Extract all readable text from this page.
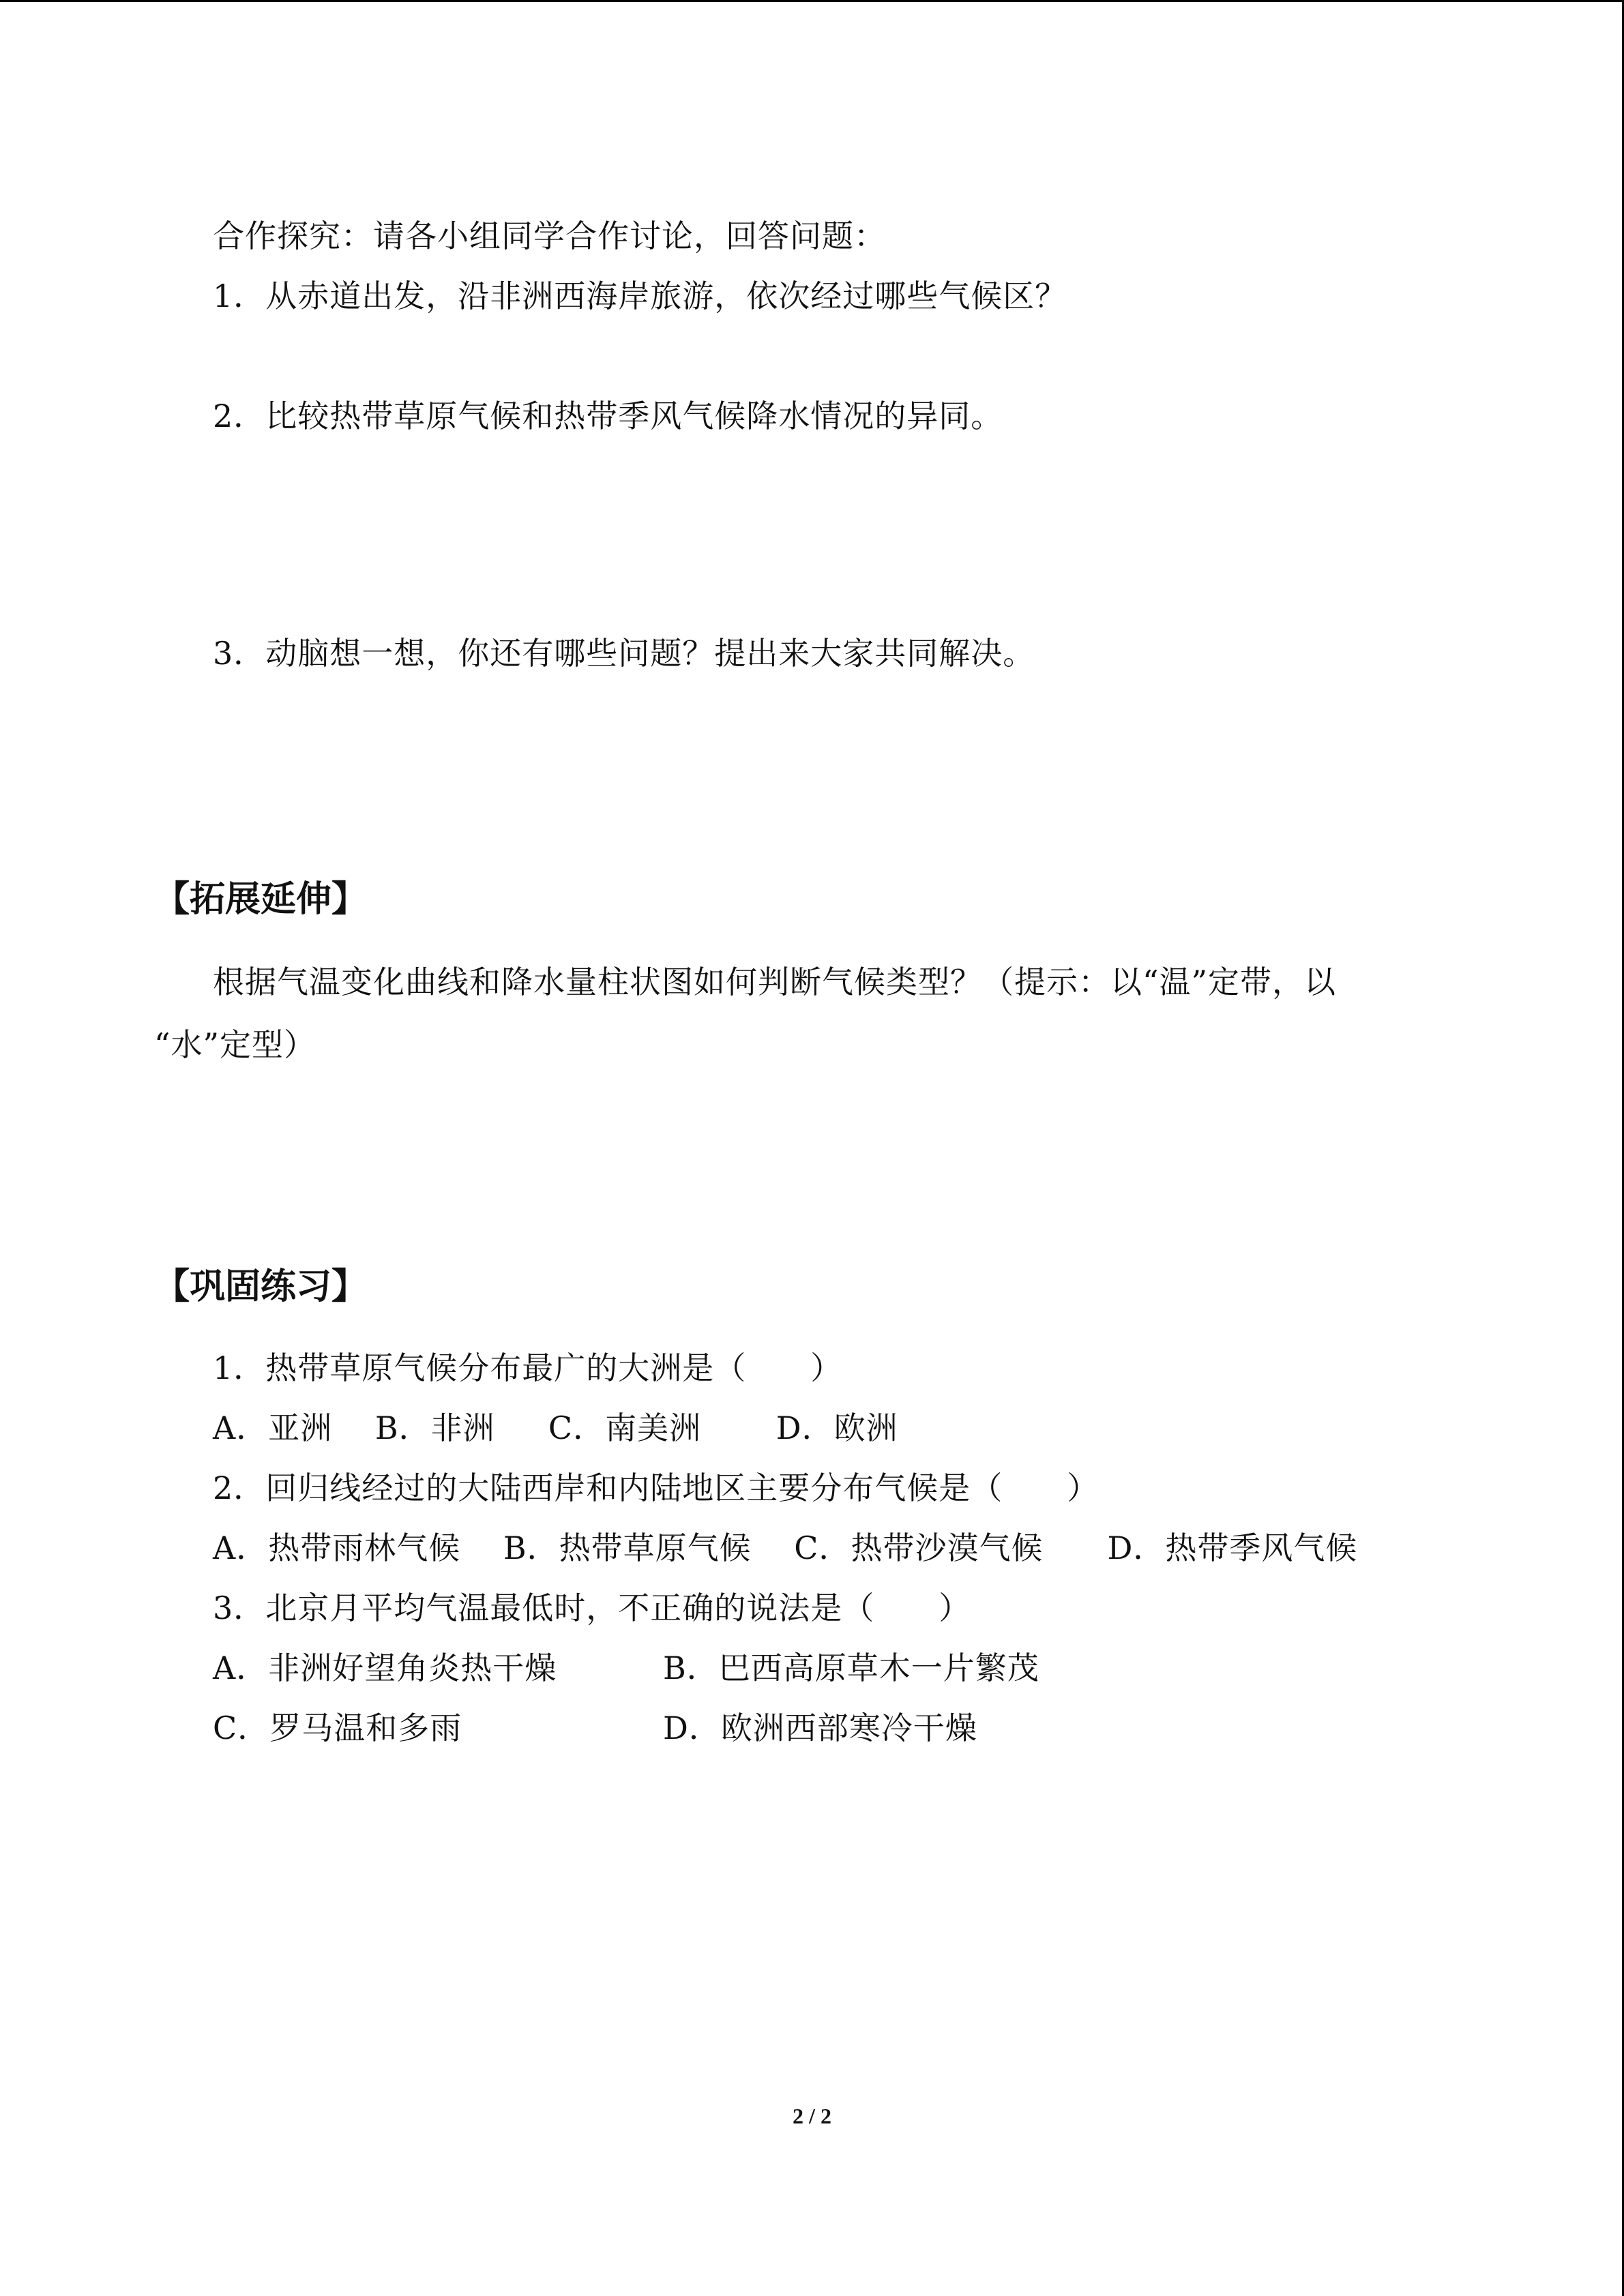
合作探究：请各小组同学合作讨论，回答问题：
1．从赤道出发，沿非洲西海岸旅游，依次经过哪些气候区？
2．比较热带草原气候和热带季风气候降水情况的异同。
3．动脑想一想，你还有哪些问题？提出来大家共同解决。
【拓展延伸】
根据气温变化曲线和降水量柱状图如何判断气候类型？（提示：以“温”定带，以
“水”定型）
【巩固练习】
1．热带草原气候分布最广的大洲是（　　）
A．亚洲　 B．非洲　  C．南美洲　　 D．欧洲
2．回归线经过的大陆西岸和内陆地区主要分布气候是（　　）
A．热带雨林气候　 B．热带草原气候　 C．热带沙漠气候　　D．热带季风气候
3．北京月平均气温最低时，不正确的说法是（　　）
A．非洲好望角炎热干燥	B．巴西高原草木一片繁茂
C．罗马温和多雨	D．欧洲西部寒冷干燥
2 / 2
